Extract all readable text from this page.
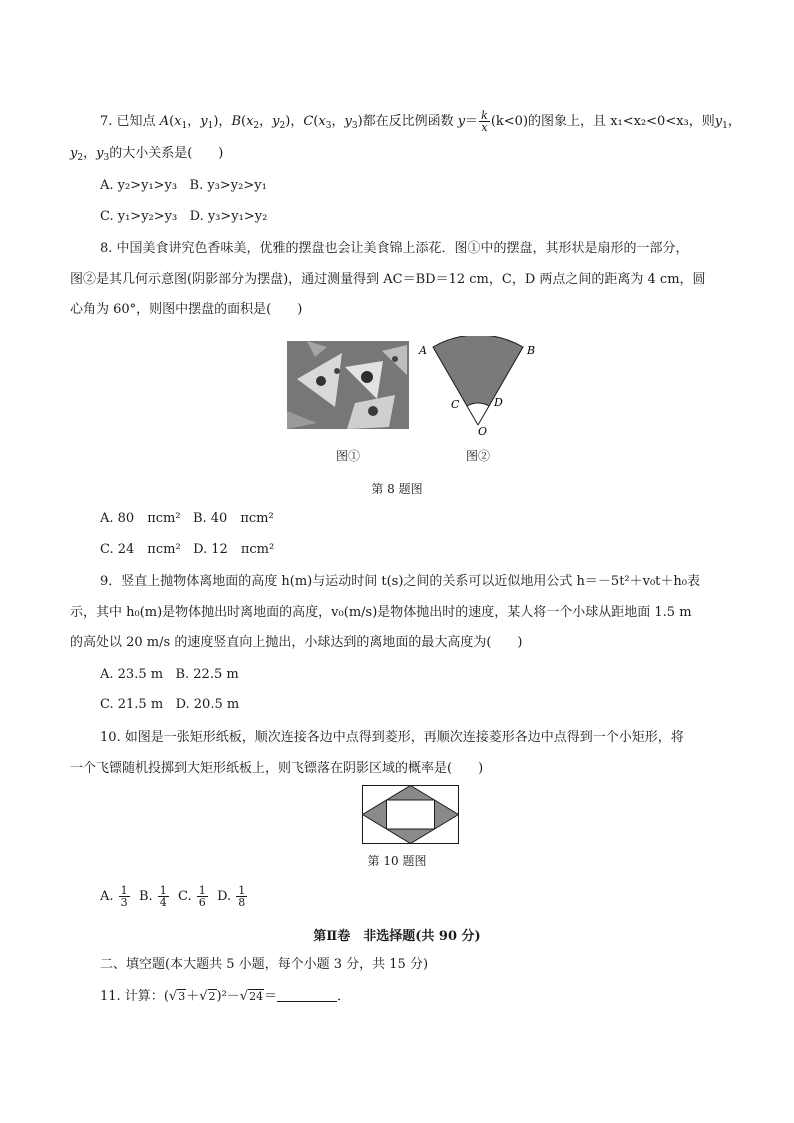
7. 已知点 $A(x_1$，$y_1$)，$B(x_2$，$y_2$)，$C(x_3$，$y_3$)都在反比例函数 $y= \frac{k}{x} (k<0)$的图象上，且 x₁<x₂<0<x₃，则$y_1$，
$y_2$，$y_3$的大小关系是(　　)
A. y₂>y₁>y₃ B. y₃>y₂>y₁
C. y₁>y₂>y₃ D. y₃>y₁>y₂
8. 中国美食讲究色香味美，优雅的摆盘也会让美食锦上添花．图①中的摆盘，其形状是扇形的一部分，
图②是其几何示意图(阴影部分为摆盘)，通过测量得到 AC＝BD＝12 cm，C，D 两点之间的距离为 4 cm，圆
心角为 60°，则图中摆盘的面积是(　　)
A	B
C	D
O
图①	图②
第 8 题图
A. 80　πcm² B. 40　πcm²
C. 24　πcm² D. 12　πcm²
9．竖直上抛物体离地面的高度 h(m)与运动时间 t(s)之间的关系可以近似地用公式 h＝－5t²＋v₀t＋h₀表
示，其中 h₀(m)是物体抛出时离地面的高度，v₀(m/s)是物体抛出时的速度，某人将一个小球从距地面 1.5 m
的高处以 20 m/s 的速度竖直向上抛出，小球达到的离地面的最大高度为(　　)
A. 23.5 m B. 22.5 m
C. 21.5 m D. 20.5 m
10. 如图是一张矩形纸板，顺次连接各边中点得到菱形，再顺次连接菱形各边中点得到一个小矩形，将
一个飞镖随机投掷到大矩形纸板上，则飞镖落在阴影区域的概率是(　　)
第 10 题图
A. $\frac{1}{3} B$. $\frac{1}{4} C$. $\frac{1}{6} D$. $\frac{1}{8}$
第Ⅱ卷　非选择题(共 90 分)
二、填空题(本大题共 5 小题，每个小题 3 分，共 15 分)
11. 计算：(√3＋√2)²－√24＝	．
